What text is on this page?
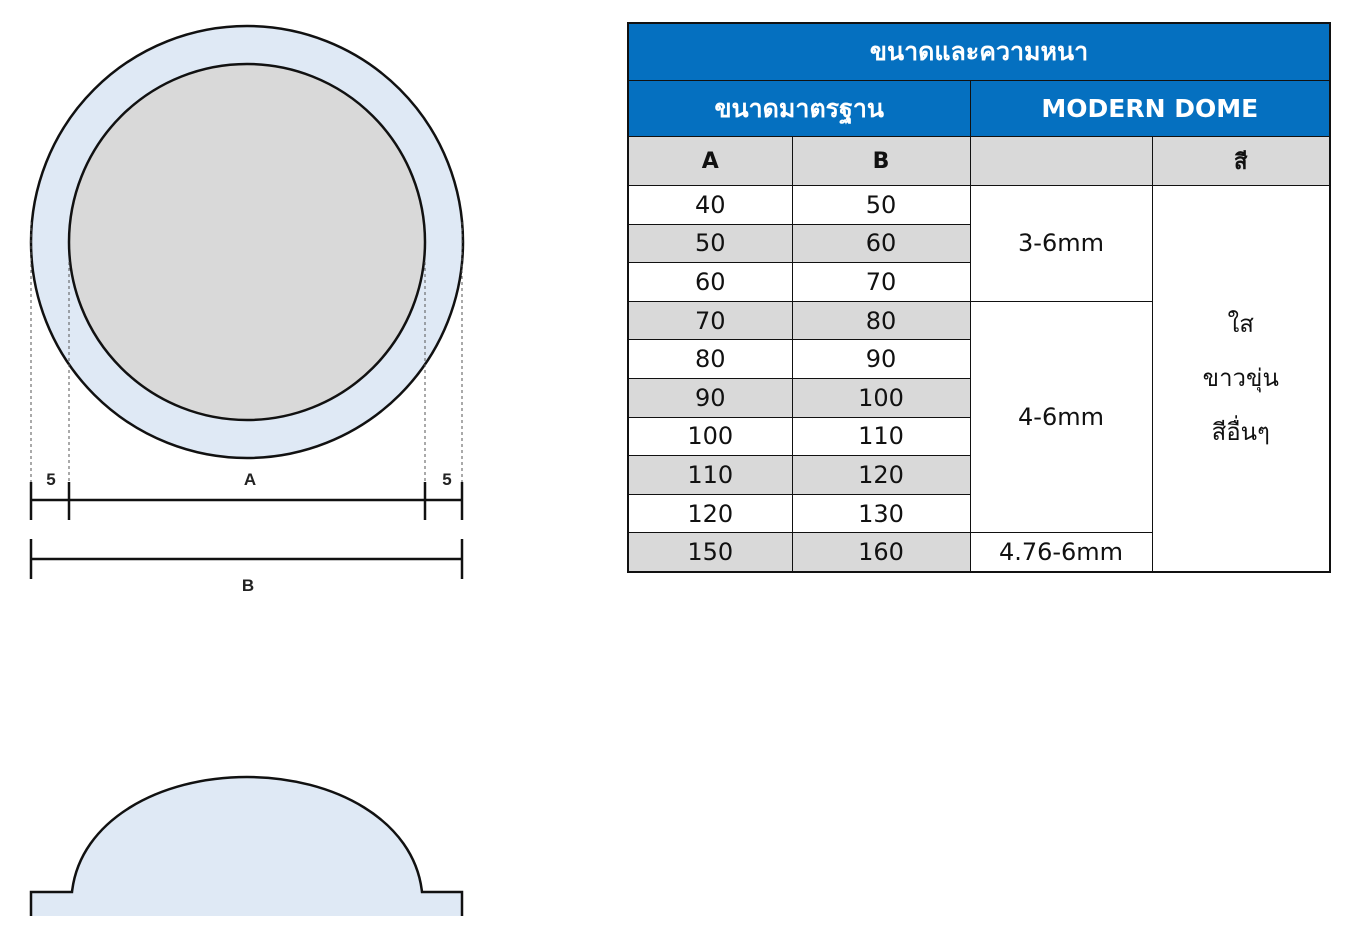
5	A	5
B
ขนาดและความหนา			
ขนาดมาตรฐาน		MODERN DOME	
A	B		สี
40	50	3-6mm	ใส
ขาวขุ่น
สีอื่นๆ

50	60		
60	70		
70	80	4-6mm	
80	90		
90	100		
100	110		
110	120		
120	130		
150	160	4.76-6mm	
